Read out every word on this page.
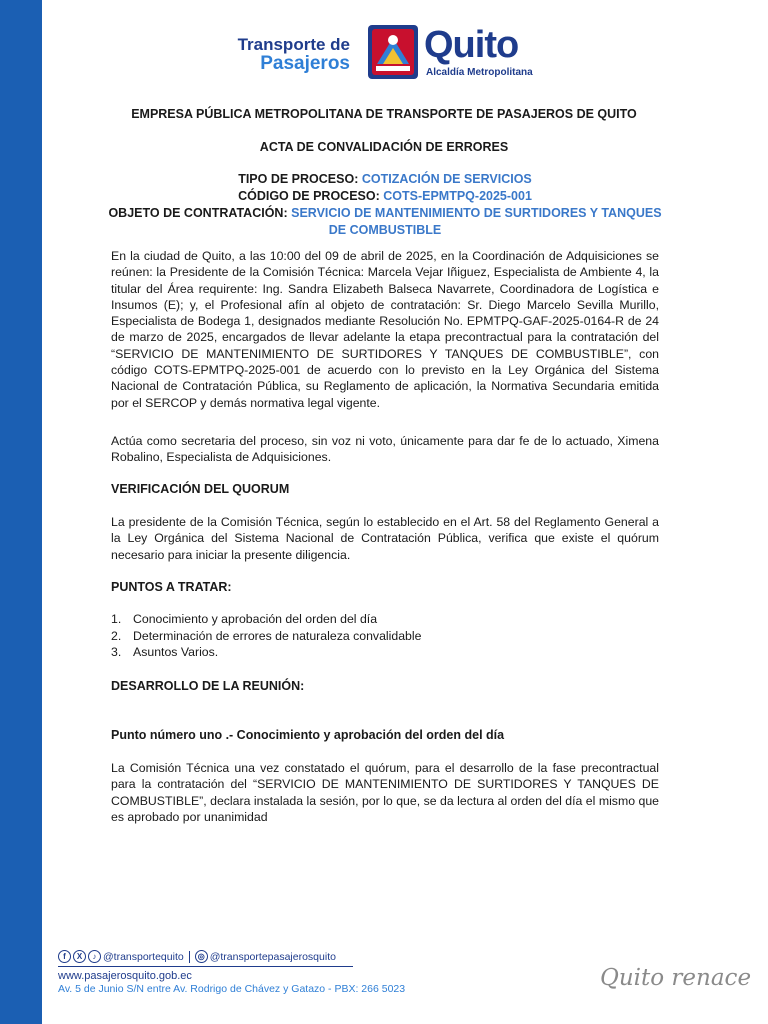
Transporte de
Pasajeros Quito
Alcaldía Metropolitana
EMPRESA PÚBLICA METROPOLITANA DE TRANSPORTE DE PASAJEROS DE QUITO
ACTA DE CONVALIDACIÓN DE ERRORES
TIPO DE PROCESO: COTIZACIÓN DE SERVICIOS
CÓDIGO DE PROCESO: COTS-EPMTPQ-2025-001
OBJETO DE CONTRATACIÓN: SERVICIO DE MANTENIMIENTO DE SURTIDORES Y TANQUES DE COMBUSTIBLE
En la ciudad de Quito, a las 10:00 del 09 de abril de 2025, en la Coordinación de Adquisiciones se reúnen: la Presidente de la Comisión Técnica: Marcela Vejar Iñiguez, Especialista de Ambiente 4, la titular del Área requirente: Ing. Sandra Elizabeth Balseca Navarrete, Coordinadora de Logística e Insumos (E); y, el Profesional afín al objeto de contratación: Sr. Diego Marcelo Sevilla Murillo, Especialista de Bodega 1, designados mediante Resolución No. EPMTPQ-GAF-2025-0164-R de 24 de marzo de 2025, encargados de llevar adelante la etapa precontractual para la contratación del “SERVICIO DE MANTENIMIENTO DE SURTIDORES Y TANQUES DE COMBUSTIBLE”, con código COTS-EPMTPQ-2025-001 de acuerdo con lo previsto en la Ley Orgánica del Sistema Nacional de Contratación Pública, su Reglamento de aplicación, la Normativa Secundaria emitida por el SERCOP y demás normativa legal vigente.
Actúa como secretaria del proceso, sin voz ni voto, únicamente para dar fe de lo actuado, Ximena Robalino, Especialista de Adquisiciones.
VERIFICACIÓN DEL QUORUM
La presidente de la Comisión Técnica, según lo establecido en el Art. 58 del Reglamento General a la Ley Orgánica del Sistema Nacional de Contratación Pública, verifica que existe el quórum necesario para iniciar la presente diligencia.
PUNTOS A TRATAR:
1. Conocimiento y aprobación del orden del día
2. Determinación de errores de naturaleza convalidable
3. Asuntos Varios.
DESARROLLO DE LA REUNIÓN:
Punto número uno .- Conocimiento y aprobación del orden del día
La Comisión Técnica una vez constatado el quórum, para el desarrollo de la fase precontractual para la contratación del “SERVICIO DE MANTENIMIENTO DE SURTIDORES Y TANQUES DE COMBUSTIBLE”, declara instalada la sesión, por lo que, se da lectura al orden del día el mismo que es aprobado por unanimidad
f	X	♪ @transportequito	◎ @transportepasajerosquito
www.pasajerosquito.gob.ec
Av. 5 de Junio S/N entre Av. Rodrigo de Chávez y Gatazo - PBX: 266 5023	Quito renace
